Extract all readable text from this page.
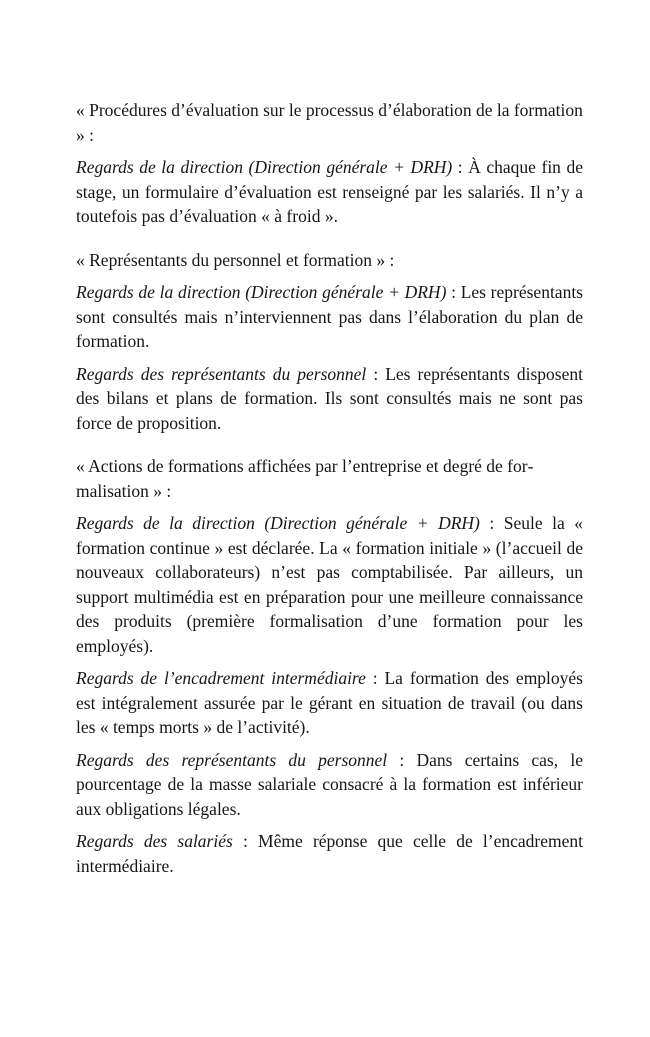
« Procédures d’évaluation sur le processus d’élaboration de la formation » :

Regards de la direction (Direction générale + DRH) : À chaque fin de stage, un formulaire d’évaluation est renseigné par les salariés. Il n’y a toutefois pas d’évaluation « à froid ».

« Représentants du personnel et formation » :

Regards de la direction (Direction générale + DRH) : Les représentants sont consultés mais n’interviennent pas dans l’élaboration du plan de formation.

Regards des représentants du personnel : Les représentants disposent des bilans et plans de formation. Ils sont consultés mais ne sont pas force de proposition.

« Actions de formations affichées par l’entreprise et degré de formalisation » :

Regards de la direction (Direction générale + DRH) : Seule la « formation continue » est déclarée. La « formation initiale » (l’accueil de nouveaux collaborateurs) n’est pas comptabilisée. Par ailleurs, un support multimédia est en préparation pour une meilleure connaissance des produits (première formalisation d’une formation pour les employés).

Regards de l’encadrement intermédiaire : La formation des employés est intégralement assurée par le gérant en situation de travail (ou dans les « temps morts » de l’activité).

Regards des représentants du personnel : Dans certains cas, le pourcentage de la masse salariale consacré à la formation est inférieur aux obligations légales.

Regards des salariés : Même réponse que celle de l’encadrement intermédiaire.
